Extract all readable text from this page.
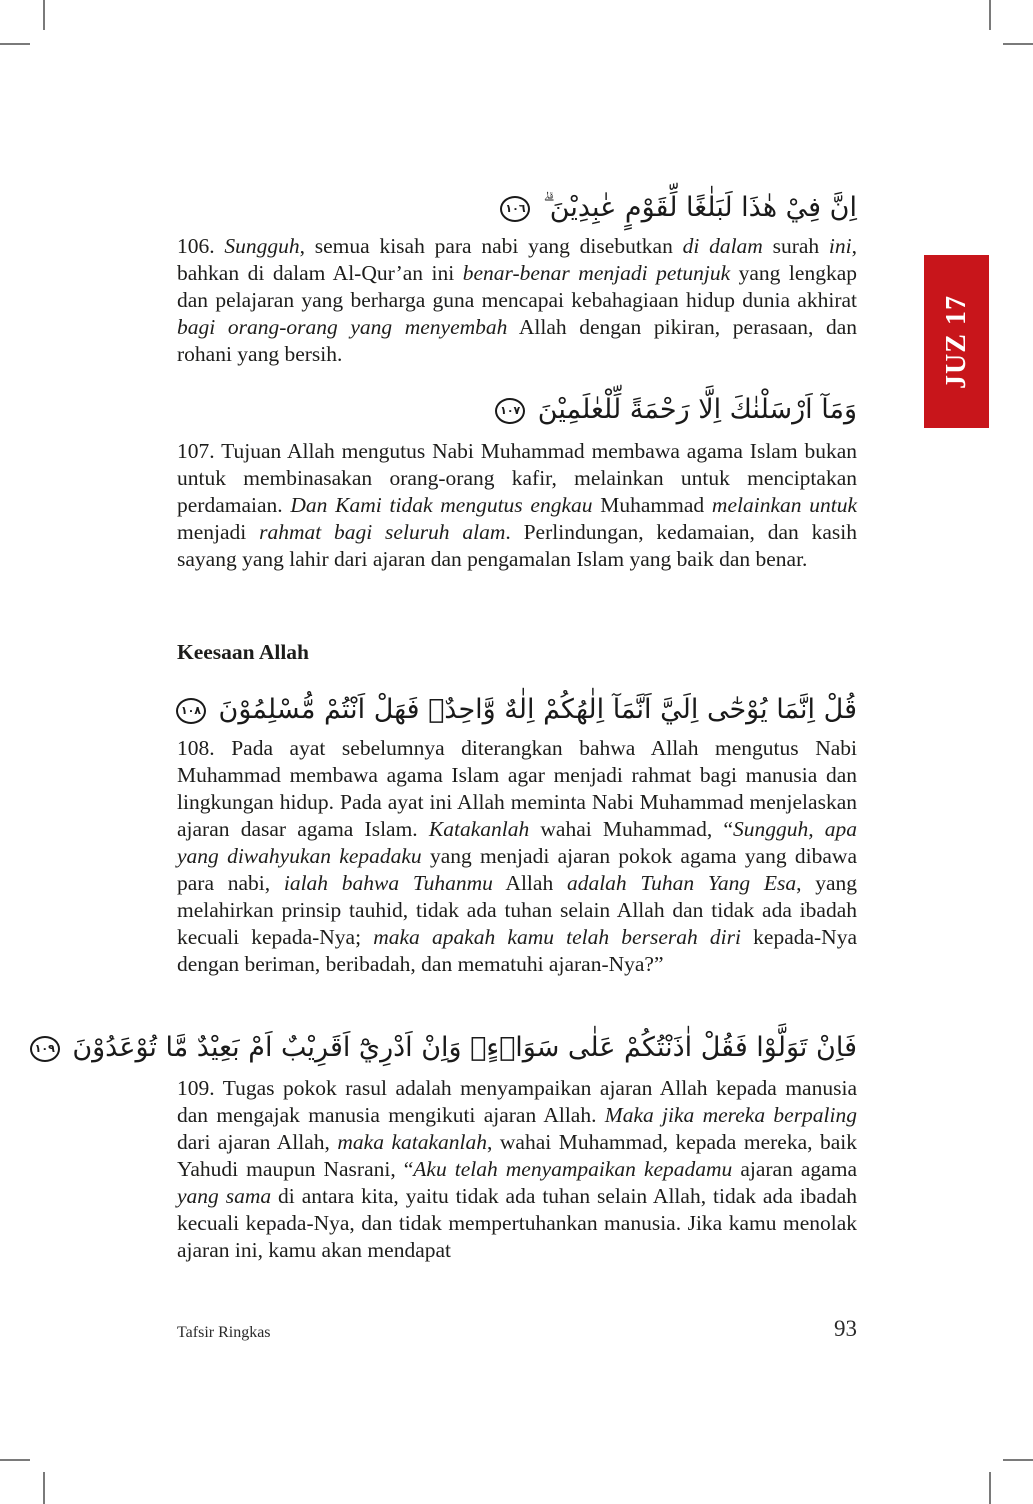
JUZ 17
اِنَّ فِيْ هٰذَا لَبَلٰغًا لِّقَوْمٍ عٰبِدِيْنَ ۗ ١٠٦

106. Sungguh, semua kisah para nabi yang disebutkan di dalam surah ini, bahkan di dalam Al-Qur’an ini benar-benar menjadi petunjuk yang lengkap dan pelajaran yang berharga guna mencapai kebahagiaan hidup dunia akhirat bagi orang-orang yang menyembah Allah dengan pikiran, perasaan, dan rohani yang bersih.

وَمَآ اَرْسَلْنٰكَ اِلَّا رَحْمَةً لِّلْعٰلَمِيْنَ ١٠٧

107. Tujuan Allah mengutus Nabi Muhammad membawa agama Islam bukan untuk membinasakan orang-orang kafir, melainkan untuk menciptakan perdamaian. Dan Kami tidak mengutus engkau Muhammad melainkan untuk menjadi rahmat bagi seluruh alam. Perlindungan, kedamaian, dan kasih sayang yang lahir dari ajaran dan pengamalan Islam yang baik dan benar.

Keesaan Allah
قُلْ اِنَّمَا يُوْحٰٓى اِلَيَّ اَنَّمَآ اِلٰهُكُمْ اِلٰهٌ وَّاحِدٌۚ فَهَلْ اَنْتُمْ مُّسْلِمُوْنَ ١٠٨

108. Pada ayat sebelumnya diterangkan bahwa Allah mengutus Nabi Muhammad membawa agama Islam agar menjadi rahmat bagi manusia dan lingkungan hidup. Pada ayat ini Allah meminta Nabi Muhammad menjelaskan ajaran dasar agama Islam. Katakanlah wahai Muhammad, “Sungguh, apa yang diwahyukan kepadaku yang menjadi ajaran pokok agama yang dibawa para nabi, ialah bahwa Tuhanmu Allah adalah Tuhan Yang Esa, yang melahirkan prinsip tauhid, tidak ada tuhan selain Allah dan tidak ada ibadah kecuali kepada-Nya; maka apakah kamu telah berserah diri kepada-Nya dengan beriman, beribadah, dan mematuhi ajaran-Nya?”

فَاِنْ تَوَلَّوْا فَقُلْ اٰذَنْتُكُمْ عَلٰى سَوَاۤءٍۗ وَاِنْ اَدْرِيْٓ اَقَرِيْبٌ اَمْ بَعِيْدٌ مَّا تُوْعَدُوْنَ ١٠٩

109. Tugas pokok rasul adalah menyampaikan ajaran Allah kepada manusia dan mengajak manusia mengikuti ajaran Allah. Maka jika mereka berpaling dari ajaran Allah, maka katakanlah, wahai Muhammad, kepada mereka, baik Yahudi maupun Nasrani, “Aku telah menyampaikan kepadamu ajaran agama yang sama di antara kita, yaitu tidak ada tuhan selain Allah, tidak ada ibadah kecuali kepada-Nya, dan tidak mempertuhankan manusia. Jika kamu menolak ajaran ini, kamu akan mendapat

Tafsir Ringkas	93
